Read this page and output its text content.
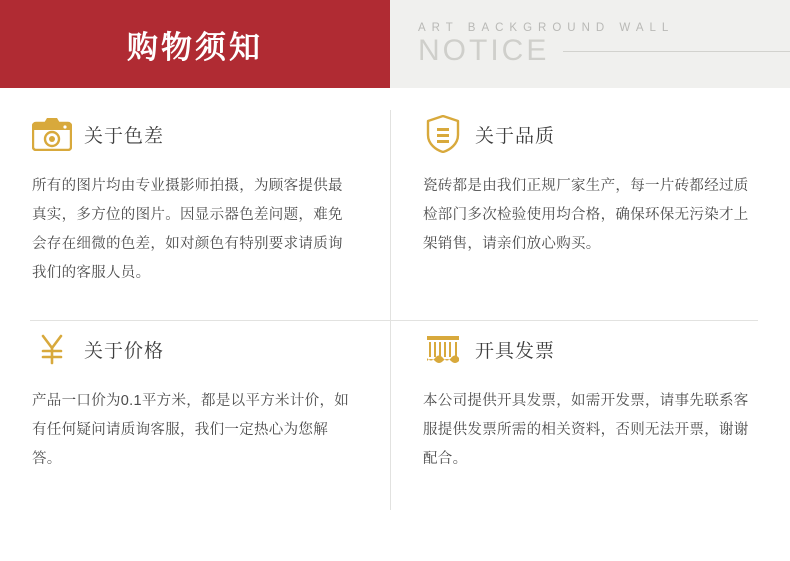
购物须知
ART BACKGROUND WALL
NOTICE
关于色差
所有的图片均由专业摄影师拍摄，为顾客提供最真实，多方位的图片。因显示器色差问题，难免会存在细微的色差，如对颜色有特别要求请质询我们的客服人员。
关于品质
瓷砖都是由我们正规厂家生产，每一片砖都经过质检部门多次检验使用均合格，确保环保无污染才上架销售，请亲们放心购买。
关于价格
产品一口价为0.1平方米，都是以平方米计价，如有任何疑问请质询客服，我们一定热心为您解答。
开具发票
本公司提供开具发票，如需开发票，请事先联系客服提供发票所需的相关资料，否则无法开票，谢谢配合。
